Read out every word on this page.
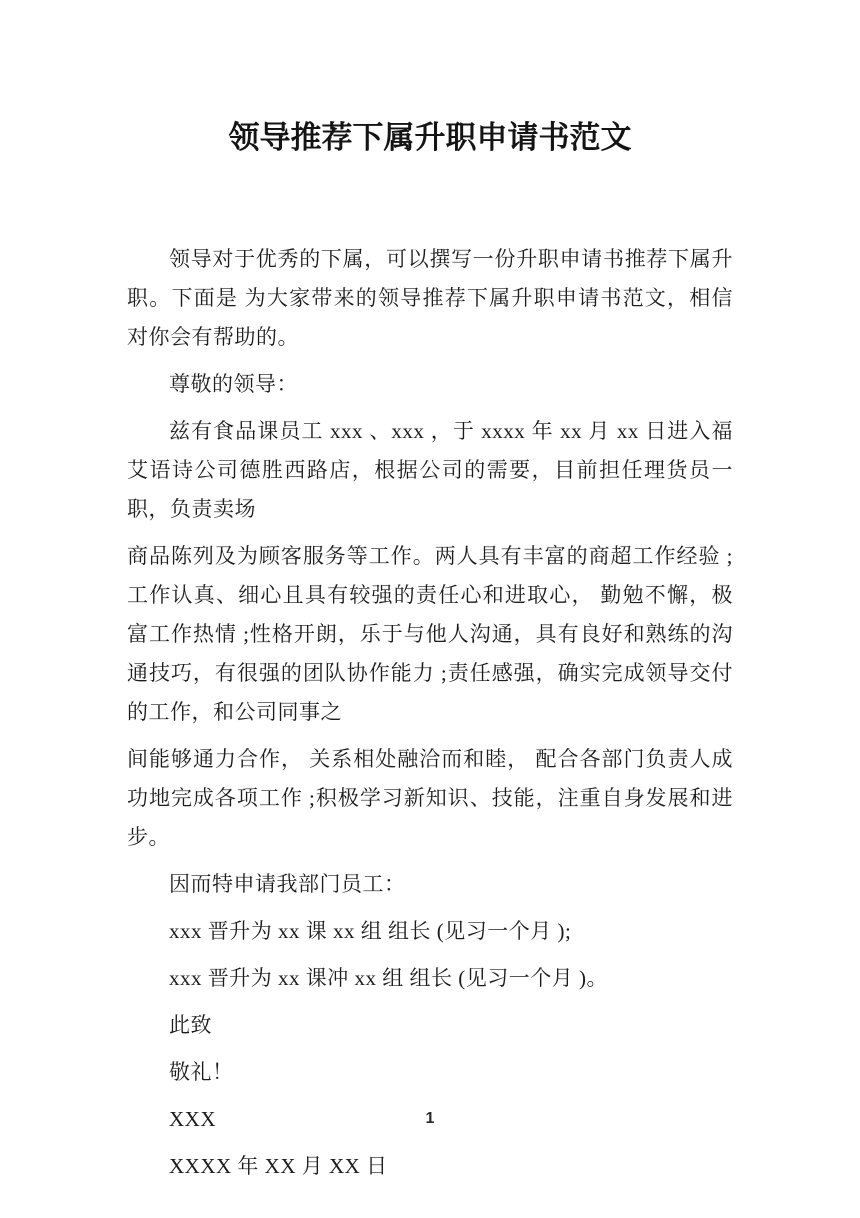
领导推荐下属升职申请书范文

领导对于优秀的下属，可以撰写一份升职申请书推荐下属升职。下面是 为大家带来的领导推荐下属升职申请书范文，相信对你会有帮助的。

尊敬的领导：

兹有食品课员工 xxx 、xxx ，于 xxxx 年 xx 月 xx 日进入福艾语诗公司德胜西路店，根据公司的需要，目前担任理货员一职，负责卖场

商品陈列及为顾客服务等工作。两人具有丰富的商超工作经验 ;工作认真、细心且具有较强的责任心和进取心， 勤勉不懈，极富工作热情 ;性格开朗，乐于与他人沟通，具有良好和熟练的沟通技巧，有很强的团队协作能力 ;责任感强，确实完成领导交付的工作，和公司同事之

间能够通力合作， 关系相处融洽而和睦， 配合各部门负责人成功地完成各项工作 ;积极学习新知识、技能，注重自身发展和进步。

因而特申请我部门员工：

xxx 晋升为 xx 课 xx 组 组长 (见习一个月 );

xxx 晋升为 xx 课冲 xx 组 组长 (见习一个月 )。

此致

敬礼！

XXX

XXXX 年 XX 月 XX 日

1
